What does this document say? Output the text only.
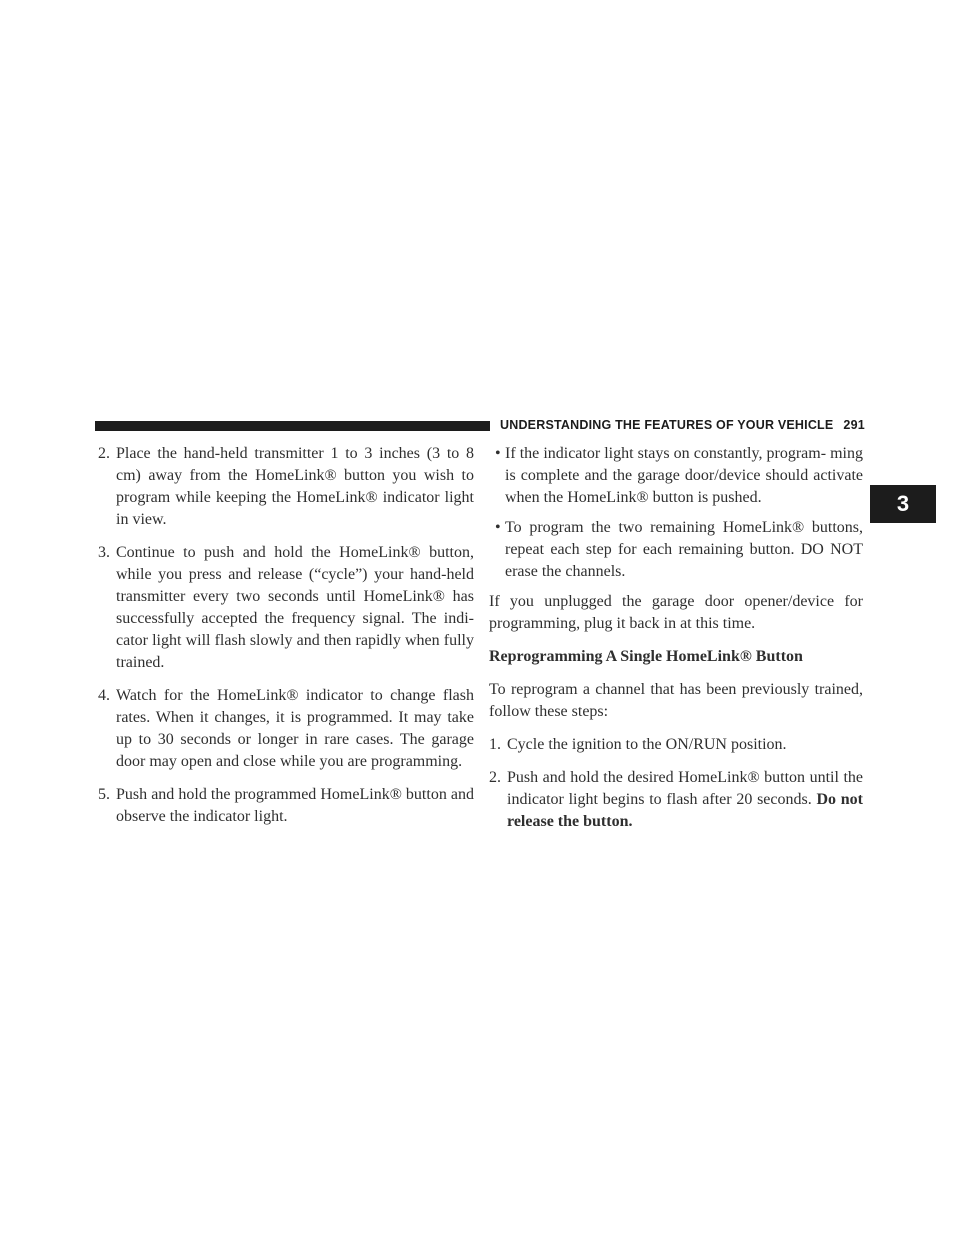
UNDERSTANDING THE FEATURES OF YOUR VEHICLE 291
3
2. Place the hand-held transmitter 1 to 3 inches (3 to 8 cm) away from the HomeLink® button you wish to program while keeping the HomeLink® indicator light in view.
3. Continue to push and hold the HomeLink® button, while you press and release (“cycle”) your hand-held transmitter every two seconds until HomeLink® has successfully accepted the frequency signal. The indi- cator light will flash slowly and then rapidly when fully trained.
4. Watch for the HomeLink® indicator to change flash rates. When it changes, it is programmed. It may take up to 30 seconds or longer in rare cases. The garage door may open and close while you are programming.
5. Push and hold the programmed HomeLink® button and observe the indicator light.
• If the indicator light stays on constantly, program- ming is complete and the garage door/device should activate when the HomeLink® button is pushed.
• To program the two remaining HomeLink® buttons, repeat each step for each remaining button. DO NOT erase the channels.
If you unplugged the garage door opener/device for programming, plug it back in at this time.
Reprogramming A Single HomeLink® Button
To reprogram a channel that has been previously trained, follow these steps:
1. Cycle the ignition to the ON/RUN position.
2. Push and hold the desired HomeLink® button until the indicator light begins to flash after 20 seconds. Do not release the button.
